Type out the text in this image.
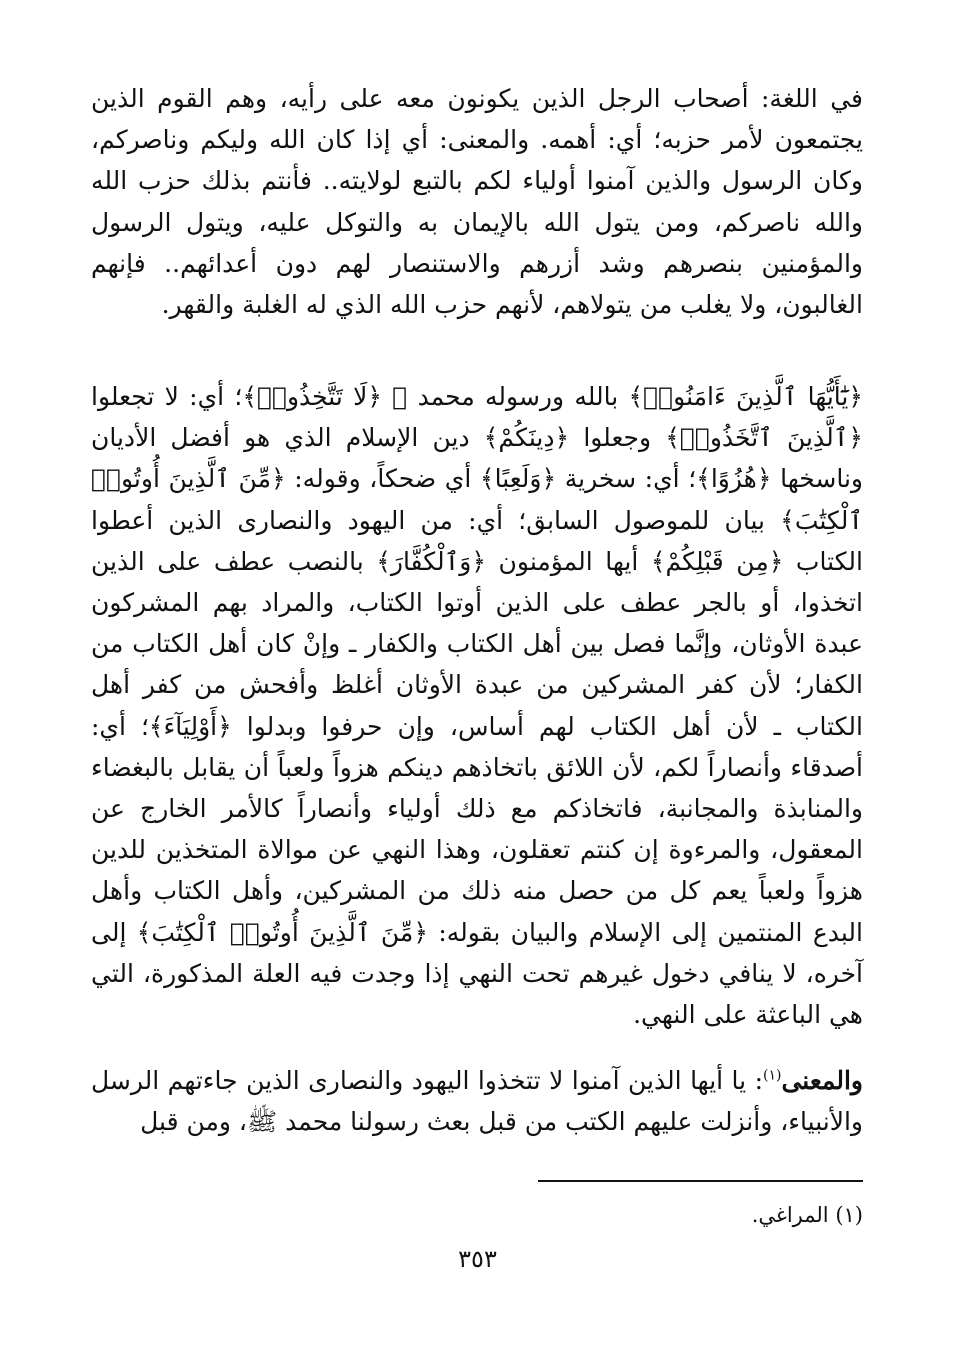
في اللغة: أصحاب الرجل الذين يكونون معه على رأيه، وهم القوم الذين يجتمعون لأمر حزبه؛ أي: أهمه. والمعنى: أي إذا كان الله وليكم وناصركم، وكان الرسول والذين آمنوا أولياء لكم بالتبع لولايته.. فأنتم بذلك حزب الله والله ناصركم، ومن يتول الله بالإيمان به والتوكل عليه، ويتول الرسول والمؤمنين بنصرهم وشد أزرهم والاستنصار لهم دون أعدائهم.. فإنهم الغالبون، ولا يغلب من يتولاهم، لأنهم حزب الله الذي له الغلبة والقهر.

﴿يَٰٓأَيُّهَا ٱلَّذِينَ ءَامَنُوا۟﴾ بالله ورسوله محمد ﷺ ﴿لَا تَتَّخِذُوا۟﴾؛ أي: لا تجعلوا ﴿ٱلَّذِينَ ٱتَّخَذُوا۟﴾ وجعلوا ﴿دِينَكُمْ﴾ دين الإسلام الذي هو أفضل الأديان وناسخها ﴿هُزُوًا﴾؛ أي: سخرية ﴿وَلَعِبًا﴾ أي ضحكاً، وقوله: ﴿مِّنَ ٱلَّذِينَ أُوتُوا۟ ٱلْكِتَٰبَ﴾ بيان للموصول السابق؛ أي: من اليهود والنصارى الذين أعطوا الكتاب ﴿مِن قَبْلِكُمْ﴾ أيها المؤمنون ﴿وَٱلْكُفَّارَ﴾ بالنصب عطف على الذين اتخذوا، أو بالجر عطف على الذين أوتوا الكتاب، والمراد بهم المشركون عبدة الأوثان، وإنَّما فصل بين أهل الكتاب والكفار ـ وإنْ كان أهل الكتاب من الكفار؛ لأن كفر المشركين من عبدة الأوثان أغلظ وأفحش من كفر أهل الكتاب ـ لأن أهل الكتاب لهم أساس، وإن حرفوا وبدلوا ﴿أَوْلِيَآءَ﴾؛ أي: أصدقاء وأنصاراً لكم، لأن اللائق باتخاذهم دينكم هزواً ولعباً أن يقابل بالبغضاء والمنابذة والمجانبة، فاتخاذكم مع ذلك أولياء وأنصاراً كالأمر الخارج عن المعقول، والمرءوة إن كنتم تعقلون، وهذا النهي عن موالاة المتخذين للدين هزواً ولعباً يعم كل من حصل منه ذلك من المشركين، وأهل الكتاب وأهل البدع المنتمين إلى الإسلام والبيان بقوله: ﴿مِّنَ ٱلَّذِينَ أُوتُوا۟ ٱلْكِتَٰبَ﴾ إلى آخره، لا ينافي دخول غيرهم تحت النهي إذا وجدت فيه العلة المذكورة، التي هي الباعثة على النهي.

والمعنى$^{(١)}$: يا أيها الذين آمنوا لا تتخذوا اليهود والنصارى الذين جاءتهم الرسل والأنبياء، وأنزلت عليهم الكتب من قبل بعث رسولنا محمد ﷺ، ومن قبل

(١) المراغي.
٣٥٣
